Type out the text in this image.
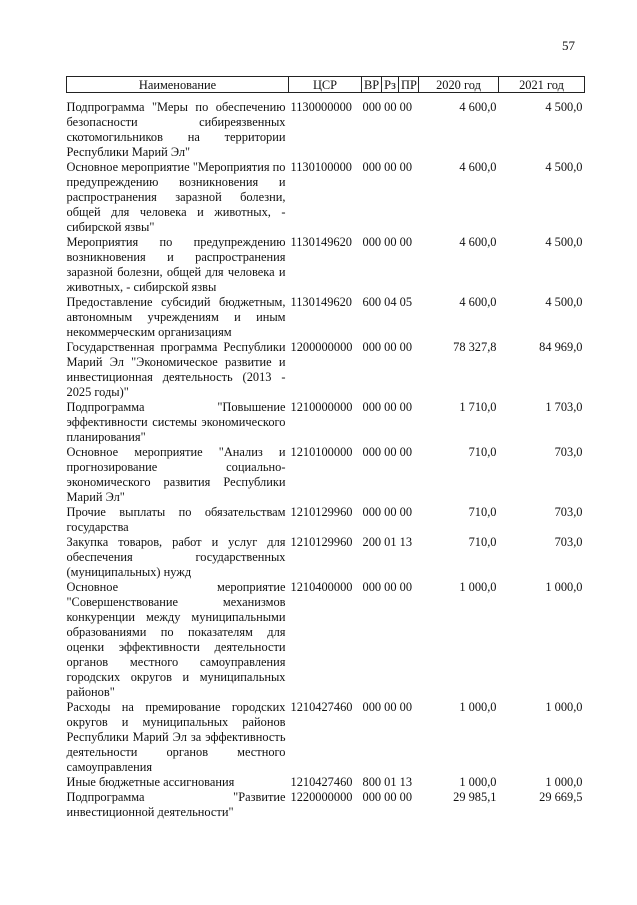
57
Наименование	ЦСР	ВР	Рз	ПР	2020 год	2021 год
Подпрограмма "Меры по обеспечению безопасности сибиреязвенных скотомогильников на территории Республики Марий Эл"	1130000000	000 00 00			4 600,0	4 500,0
Основное мероприятие "Мероприятия по предупреждению возникновения и распространения заразной болезни, общей для человека и животных, - сибирской язвы"	1130100000	000 00 00			4 600,0	4 500,0
Мероприятия по предупреждению возникновения и распространения заразной болезни, общей для человека и животных, - сибирской язвы	1130149620	000 00 00			4 600,0	4 500,0
Предоставление субсидий бюджетным, автономным учреждениям и иным некоммерческим организациям	1130149620	600 04 05			4 600,0	4 500,0
Государственная программа Республики Марий Эл "Экономическое развитие и инвестиционная деятельность (2013 - 2025 годы)"	1200000000	000 00 00			78 327,8	84 969,0
Подпрограмма "Повышение эффективности системы экономического планирования"	1210000000	000 00 00			1 710,0	1 703,0
Основное мероприятие "Анализ и прогнозирование социально-экономического развития Республики Марий Эл"	1210100000	000 00 00			710,0	703,0
Прочие выплаты по обязательствам государства	1210129960	000 00 00			710,0	703,0
Закупка товаров, работ и услуг для обеспечения государственных (муниципальных) нужд	1210129960	200 01 13			710,0	703,0
Основное мероприятие "Совершенствование механизмов конкуренции между муниципальными образованиями по показателям для оценки эффективности деятельности органов местного самоуправления городских округов и муниципальных районов"	1210400000	000 00 00			1 000,0	1 000,0
Расходы на премирование городских округов и муниципальных районов Республики Марий Эл за эффективность деятельности органов местного самоуправления	1210427460	000 00 00			1 000,0	1 000,0
Иные бюджетные ассигнования	1210427460	800 01 13			1 000,0	1 000,0
Подпрограмма "Развитие инвестиционной деятельности"	1220000000	000 00 00			29 985,1	29 669,5
